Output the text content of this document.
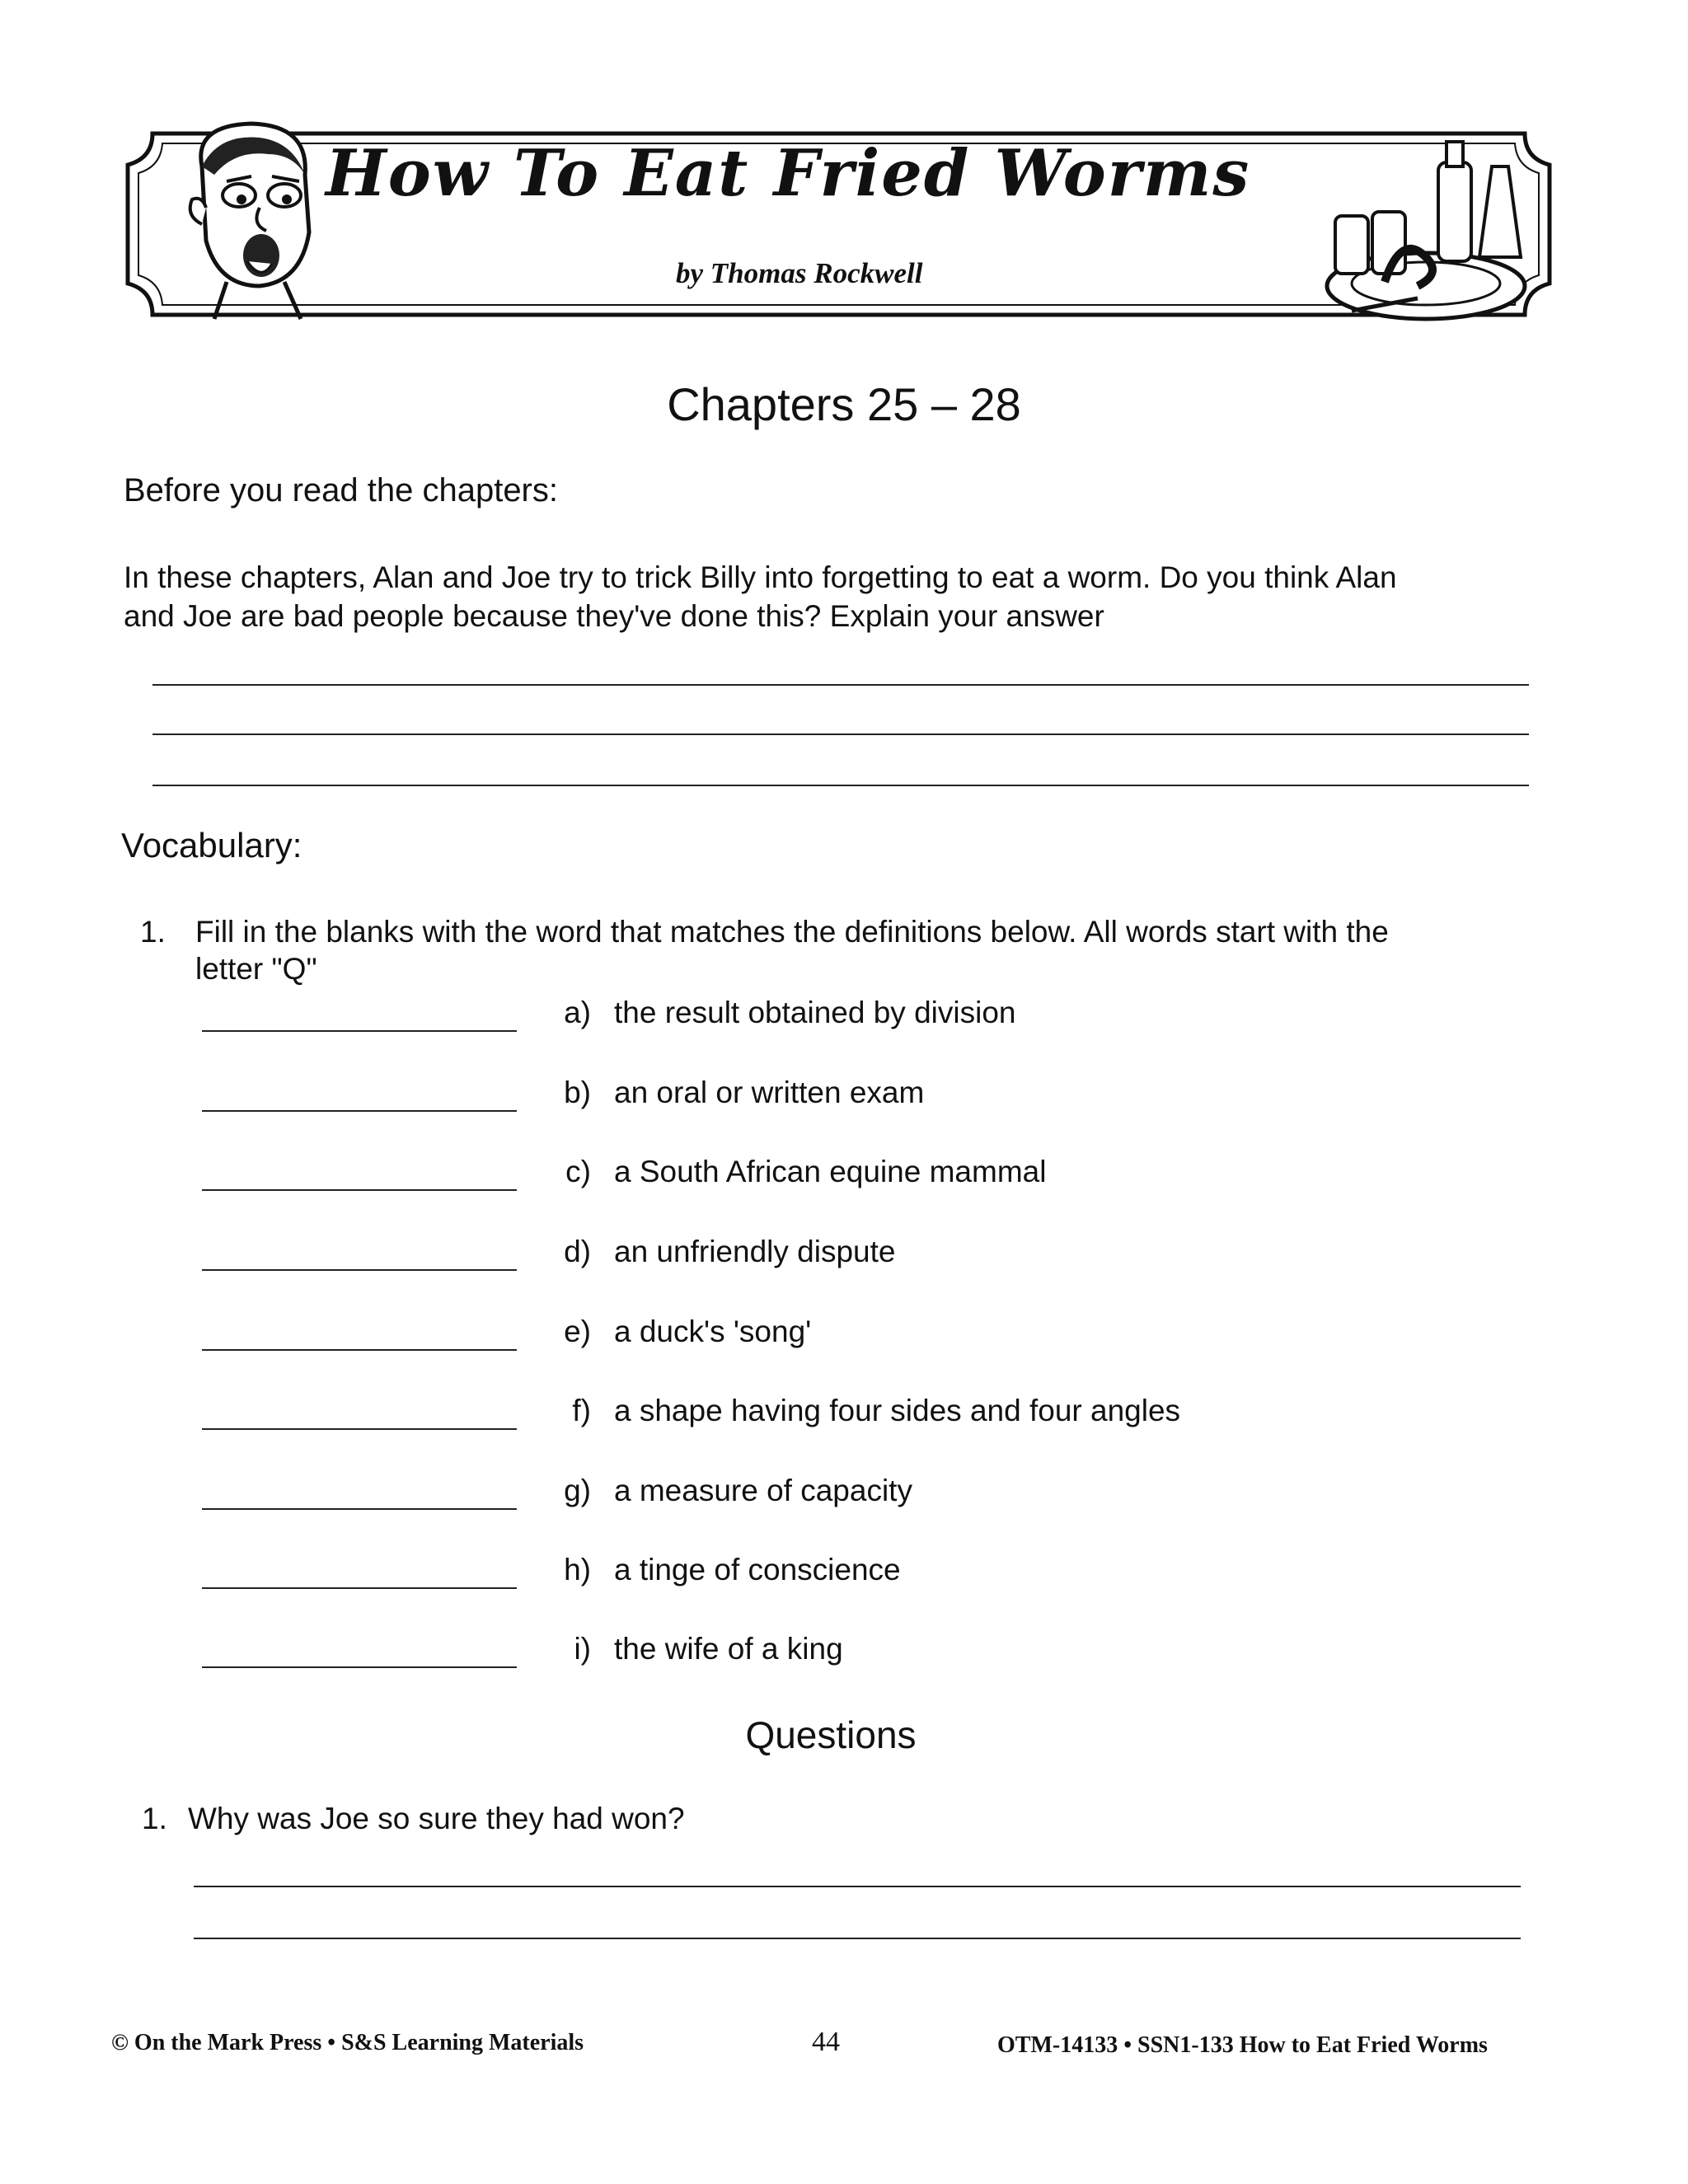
How To Eat Fried Worms
by Thomas Rockwell
Chapters 25 – 28
Before you read the chapters:
In these chapters, Alan and Joe try to trick Billy into forgetting to eat a worm. Do you think Alan
and Joe are bad people because they've done this? Explain your answer
Vocabulary:
1. Fill in the blanks with the word that matches the definitions below. All words start with the
letter "Q"
a) the result obtained by division
b) an oral or written exam
c) a South African equine mammal
d) an unfriendly dispute
e) a duck's 'song'
f) a shape having four sides and four angles
g) a measure of capacity
h) a tinge of conscience
i) the wife of a king
Questions
1. Why was Joe so sure they had won?
© On the Mark Press • S&S Learning Materials	44	OTM-14133 • SSN1-133 How to Eat Fried Worms
